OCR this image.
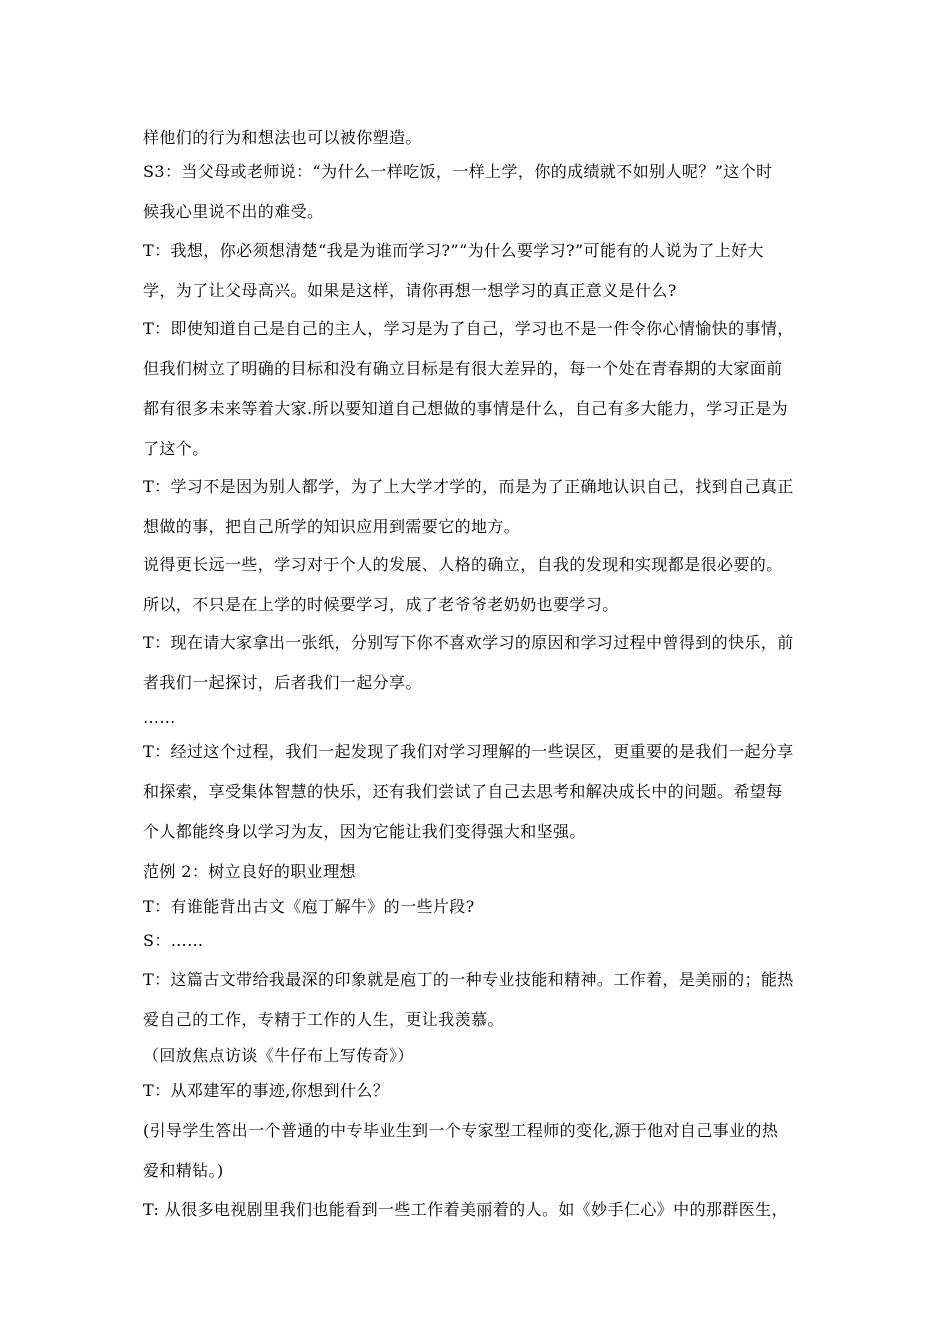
样他们的行为和想法也可以被你塑造。

S3：当父母或老师说：“为什么一样吃饭，一样上学，你的成绩就不如别人呢？”这个时
候我心里说不出的难受。

T：我想，你必须想清楚“我是为谁而学习?”“为什么要学习?”可能有的人说为了上好大
学，为了让父母高兴。如果是这样，请你再想一想学习的真正意义是什么?

T：即使知道自己是自己的主人，学习是为了自己，学习也不是一件令你心情愉快的事情，
但我们树立了明确的目标和没有确立目标是有很大差异的，每一个处在青春期的大家面前
都有很多未来等着大家.所以要知道自己想做的事情是什么，自己有多大能力，学习正是为
了这个。

T：学习不是因为别人都学，为了上大学才学的，而是为了正确地认识自己，找到自己真正
想做的事，把自己所学的知识应用到需要它的地方。

说得更长远一些，学习对于个人的发展、人格的确立，自我的发现和实现都是很必要的。
所以，不只是在上学的时候要学习，成了老爷爷老奶奶也要学习。

T：现在请大家拿出一张纸，分别写下你不喜欢学习的原因和学习过程中曾得到的快乐，前
者我们一起探讨，后者我们一起分享。

……

T：经过这个过程，我们一起发现了我们对学习理解的一些误区，更重要的是我们一起分享
和探索，享受集体智慧的快乐，还有我们尝试了自己去思考和解决成长中的问题。希望每
个人都能终身以学习为友，因为它能让我们变得强大和坚强。

范例 2：树立良好的职业理想

T：有谁能背出古文《庖丁解牛》的一些片段?

S：……

T：这篇古文带给我最深的印象就是庖丁的一种专业技能和精神。工作着，是美丽的；能热
爱自己的工作，专精于工作的人生，更让我羡慕。

（回放焦点访谈《牛仔布上写传奇》）

T：从邓建军的事迹,你想到什么？

(引导学生答出一个普通的中专毕业生到一个专家型工程师的变化,源于他对自己事业的热
爱和精钻。)

T: 从很多电视剧里我们也能看到一些工作着美丽着的人。如《妙手仁心》中的那群医生，
